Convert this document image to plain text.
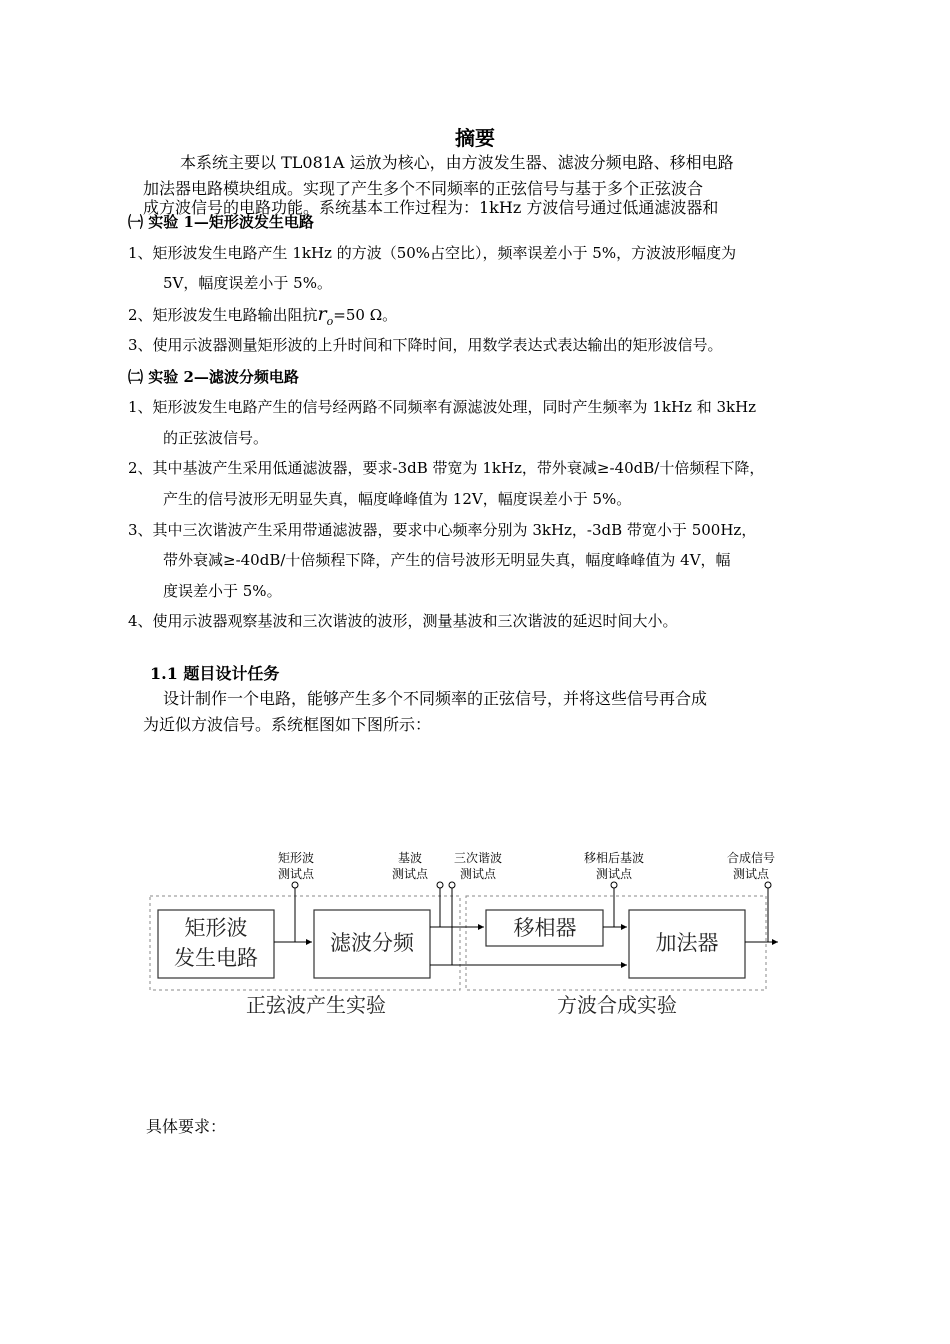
摘要
本系统主要以 TL081A 运放为核心，由方波发生器、滤波分频电路、移相电路
加法器电路模块组成。实现了产生多个不同频率的正弦信号与基于多个正弦波合
成方波信号的电路功能。系统基本工作过程为：1kHz 方波信号通过低通滤波器和
㈠ 实验 1—矩形波发生电路
1、矩形波发生电路产生 1kHz 的方波（50%占空比），频率误差小于 5%，方波波形幅度为
5V，幅度误差小于 5%。
2、矩形波发生电路输出阻抗$r_o=50$ Ω。
3、使用示波器测量矩形波的上升时间和下降时间，用数学表达式表达输出的矩形波信号。
㈡ 实验 2—滤波分频电路
1、矩形波发生电路产生的信号经两路不同频率有源滤波处理，同时产生频率为 1kHz 和 3kHz
的正弦波信号。
2、其中基波产生采用低通滤波器，要求-3dB 带宽为 1kHz，带外衰减≥-40dB/十倍频程下降，
产生的信号波形无明显失真，幅度峰峰值为 12V，幅度误差小于 5%。
3、其中三次谐波产生采用带通滤波器，要求中心频率分别为 3kHz，-3dB 带宽小于 500Hz，
带外衰减≥-40dB/十倍频程下降，产生的信号波形无明显失真，幅度峰峰值为 4V，幅
度误差小于 5%。
4、使用示波器观察基波和三次谐波的波形，测量基波和三次谐波的延迟时间大小。
1.1 题目设计任务
设计制作一个电路，能够产生多个不同频率的正弦信号，并将这些信号再合成
为近似方波信号。系统框图如下图所示：
矩形波
测试点
基波
测试点
三次谐波
测试点
移相后基波
测试点
合成信号
测试点
矩形波
发生电路
滤波分频
移相器
加法器
正弦波产生实验	方波合成实验
具体要求：
